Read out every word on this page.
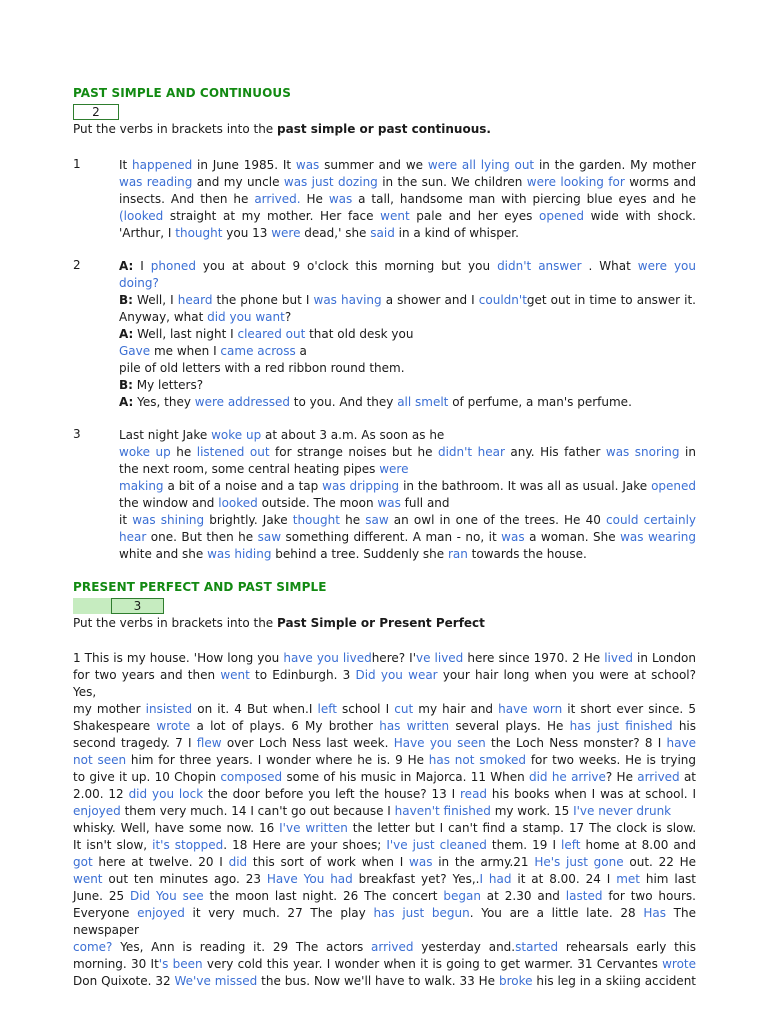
PAST SIMPLE AND CONTINUOUS
2

Put the verbs in brackets into the past simple or past continuous.

1	It happened in June 1985. It was summer and we were all lying out in the garden. My mother
was reading and my uncle was just dozing in the sun. We children were looking for worms and
insects. And then he arrived. He was a tall, handsome man with piercing blue eyes and he
(looked straight at my mother. Her face went pale and her eyes opened wide with shock.
'Arthur, I thought you 13 were dead,' she said in a kind of whisper.
2	A: I phoned you at about 9 o'clock this morning but you didn't answer . What were you
doing?
B: Well, I heard the phone but I was having a shower and I couldn'tget out in time to answer it.
Anyway, what did you want?
A: Well, last night I cleared out that old desk you
Gave me when I came across a
pile of old letters with a red ribbon round them.
B: My letters?
A: Yes, they were addressed to you. And they all smelt of perfume, a man's perfume.
3	Last night Jake woke up at about 3 a.m. As soon as he
woke up he listened out for strange noises but he didn't hear any. His father was snoring in
the next room, some central heating pipes were
making a bit of a noise and a tap was dripping in the bathroom. It was all as usual. Jake opened
the window and looked outside. The moon was full and
it was shining brightly. Jake thought he saw an owl in one of the trees. He 40 could certainly
hear one. But then he saw something different. A man - no, it was a woman. She was wearing
white and she was hiding behind a tree. Suddenly she ran towards the house.
PRESENT PERFECT AND PAST SIMPLE
3

Put the verbs in brackets into the Past Simple or Present Perfect

1 This is my house. 'How long you have you livedhere? I've lived here since 1970. 2 He lived in London
for two years and then went to Edinburgh. 3 Did you wear your hair long when you were at school? Yes,
my mother insisted on it. 4 But when.I left school I cut my hair and have worn it short ever since. 5
Shakespeare wrote a lot of plays. 6 My brother has written several plays. He has just finished his
second tragedy. 7 I flew over Loch Ness last week. Have you seen the Loch Ness monster? 8 I have
not seen him for three years. I wonder where he is. 9 He has not smoked for two weeks. He is trying
to give it up. 10 Chopin composed some of his music in Majorca. 11 When did he arrive? He arrived at
2.00. 12 did you lock the door before you left the house? 13 I read his books when I was at school. I
enjoyed them very much. 14 I can't go out because I haven't finished my work. 15 I've never drunk
whisky. Well, have some now. 16 I've written the letter but I can't find a stamp. 17 The clock is slow.
It isn't slow, it's stopped. 18 Here are your shoes; I've just cleaned them. 19 I left home at 8.00 and
got here at twelve. 20 I did this sort of work when I was in the army.21 He's just gone out. 22 He
went out ten minutes ago. 23 Have You had breakfast yet? Yes,.I had it at 8.00. 24 I met him last
June. 25 Did You see the moon last night. 26 The concert began at 2.30 and lasted for two hours.
Everyone enjoyed it very much. 27 The play has just begun. You are a little late. 28 Has The newspaper
come? Yes, Ann is reading it. 29 The actors arrived yesterday and.started rehearsals early this
morning. 30 It's been very cold this year. I wonder when it is going to get warmer. 31 Cervantes wrote
Don Quixote. 32 We've missed the bus. Now we'll have to walk. 33 He broke his leg in a skiing accident
